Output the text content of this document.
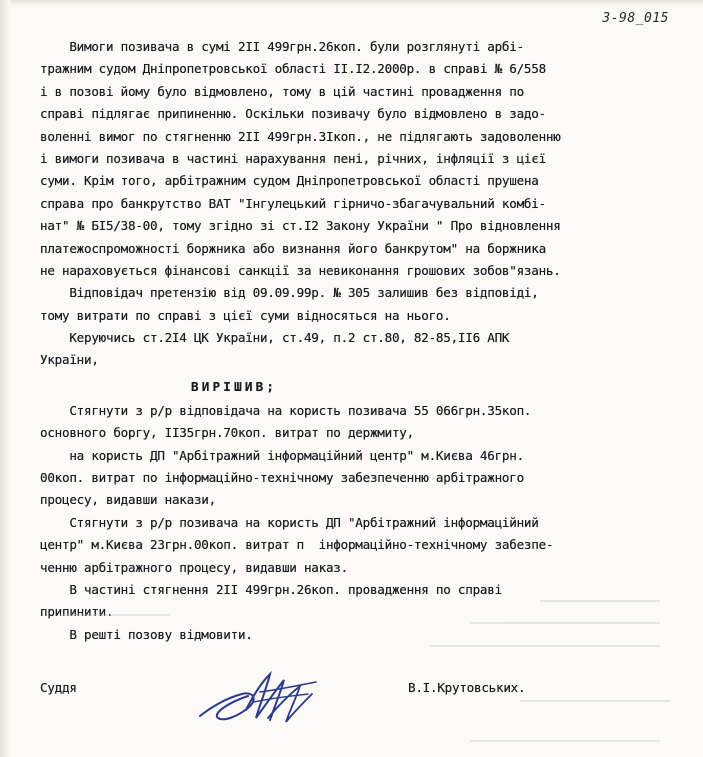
3-98_015
Вимоги позивача в сумі 2II 499грн.26коп. були розглянуті арбі-
тражним судом Дніпропетровської області II.I2.2000р. в справі № 6/558
і в позові йому було відмовлено, тому в цій частині провадження по
справі підлягає припиненню. Оскільки позивачу було відмовлено в задо-
воленні вимог по стягненню 2II 499грн.3Iкоп., не підлягають задоволенню
і вимоги позивача в частині нарахування пені, річних, інфляції з цієї
суми. Крім того, арбітражним судом Дніпропетровської області прушена
справа про банкрутство ВАТ "Інгулецький гірничо-збагачувальний комбі-
нат" № БI5/38-00, тому згідно зі ст.I2 Закону України " Про відновлення
платежоспроможності боржника або визнання його банкрутом" на боржника
не нараховується фінансові санкції за невиконання грошових зобов"язань.
Відповідач претензію від 09.09.99р. № 305 залишив без відповіді,
тому витрати по справі з цієї суми відносяться на нього.
Керуючись ст.2I4 ЦК України, ст.49, п.2 ст.80, 82-85,II6 АПК
України,
ВИРІШИВ;
Стягнути з р/р відповідача на користь позивача 55 066грн.35коп.
основного боргу, II35грн.70коп. витрат по держмиту,
на користь ДП "Арбітражний інформаційний центр" м.Києва 46грн.
00коп. витрат по інформаційно-технічному забезпеченню арбітражного
процесу, видавши накази,
Стягнути з р/р позивача на користь ДП "Арбітражний інформаційний
центр" м.Києва 23грн.00коп. витрат п  інформаційно-технічному забезпе-
ченню арбітражного процесу, видавши наказ.
В частині стягнення 2II 499грн.26коп. провадження по справі
припинити.
В решті позову відмовити.
Суддя	В.І.Крутовських.
